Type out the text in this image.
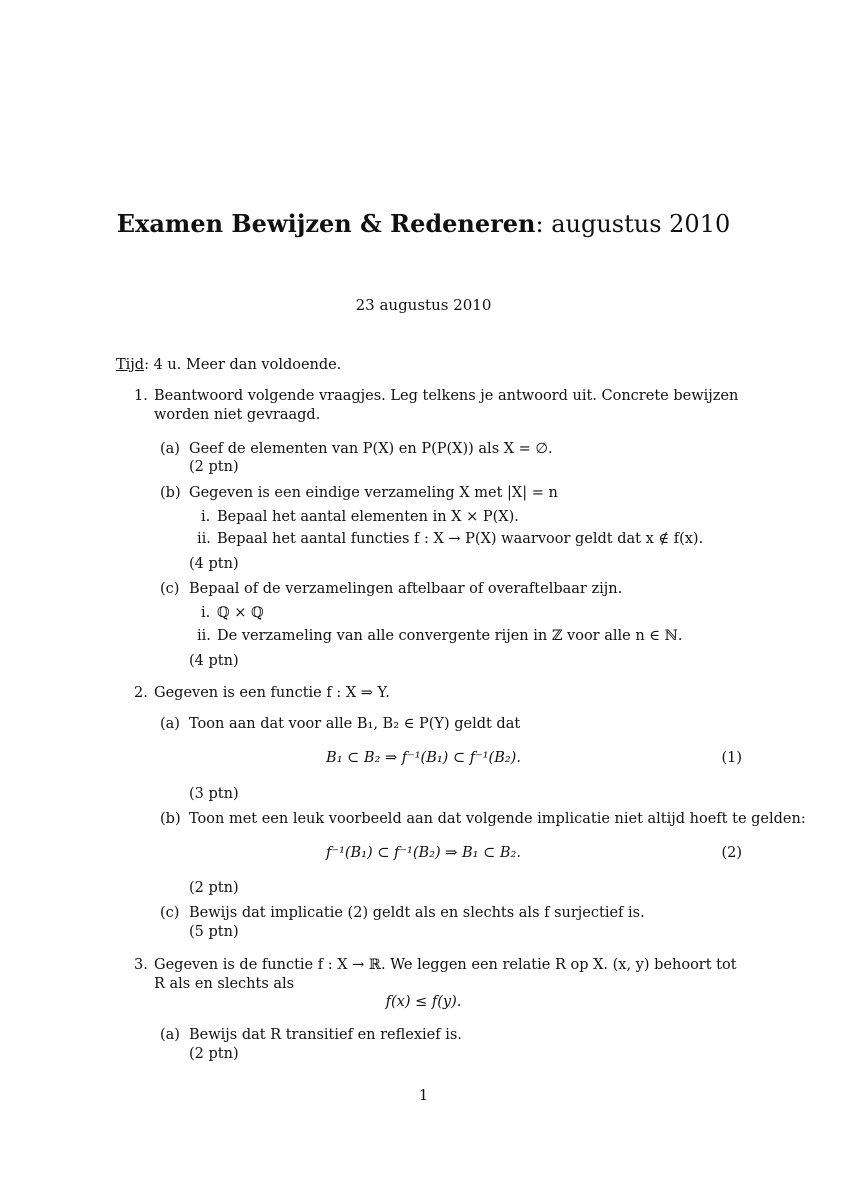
Examen Bewijzen & Redeneren: augustus 2010
23 augustus 2010
Tijd: 4 u. Meer dan voldoende.
1. Beantwoord volgende vraagjes. Leg telkens je antwoord uit. Concrete bewijzen worden niet gevraagd.
(a) Geef de elementen van P(X) en P(P(X)) als X = ∅.
(2 ptn)
(b) Gegeven is een eindige verzameling X met |X| = n
i. Bepaal het aantal elementen in X × P(X).
ii. Bepaal het aantal functies f : X → P(X) waarvoor geldt dat x ∉ f(x).
(4 ptn)
(c) Bepaal of de verzamelingen aftelbaar of overaftelbaar zijn.
i. ℚ × ℚ
ii. De verzameling van alle convergente rijen in ℤ voor alle n ∈ ℕ.
(4 ptn)
2. Gegeven is een functie f : X ⇒ Y.
(a) Toon aan dat voor alle B₁, B₂ ∈ P(Y) geldt dat
B₁ ⊂ B₂ ⇒ f⁻¹(B₁) ⊂ f⁻¹(B₂).	(1)
(3 ptn)
(b) Toon met een leuk voorbeeld aan dat volgende implicatie niet altijd hoeft te gelden:
f⁻¹(B₁) ⊂ f⁻¹(B₂) ⇒ B₁ ⊂ B₂.	(2)
(2 ptn)
(c) Bewijs dat implicatie (2) geldt als en slechts als f surjectief is.
(5 ptn)
3. Gegeven is de functie f : X → ℝ. We leggen een relatie R op X. (x, y) behoort tot R als en slechts als
f(x) ≤ f(y).
(a) Bewijs dat R transitief en reflexief is.
(2 ptn)
1
